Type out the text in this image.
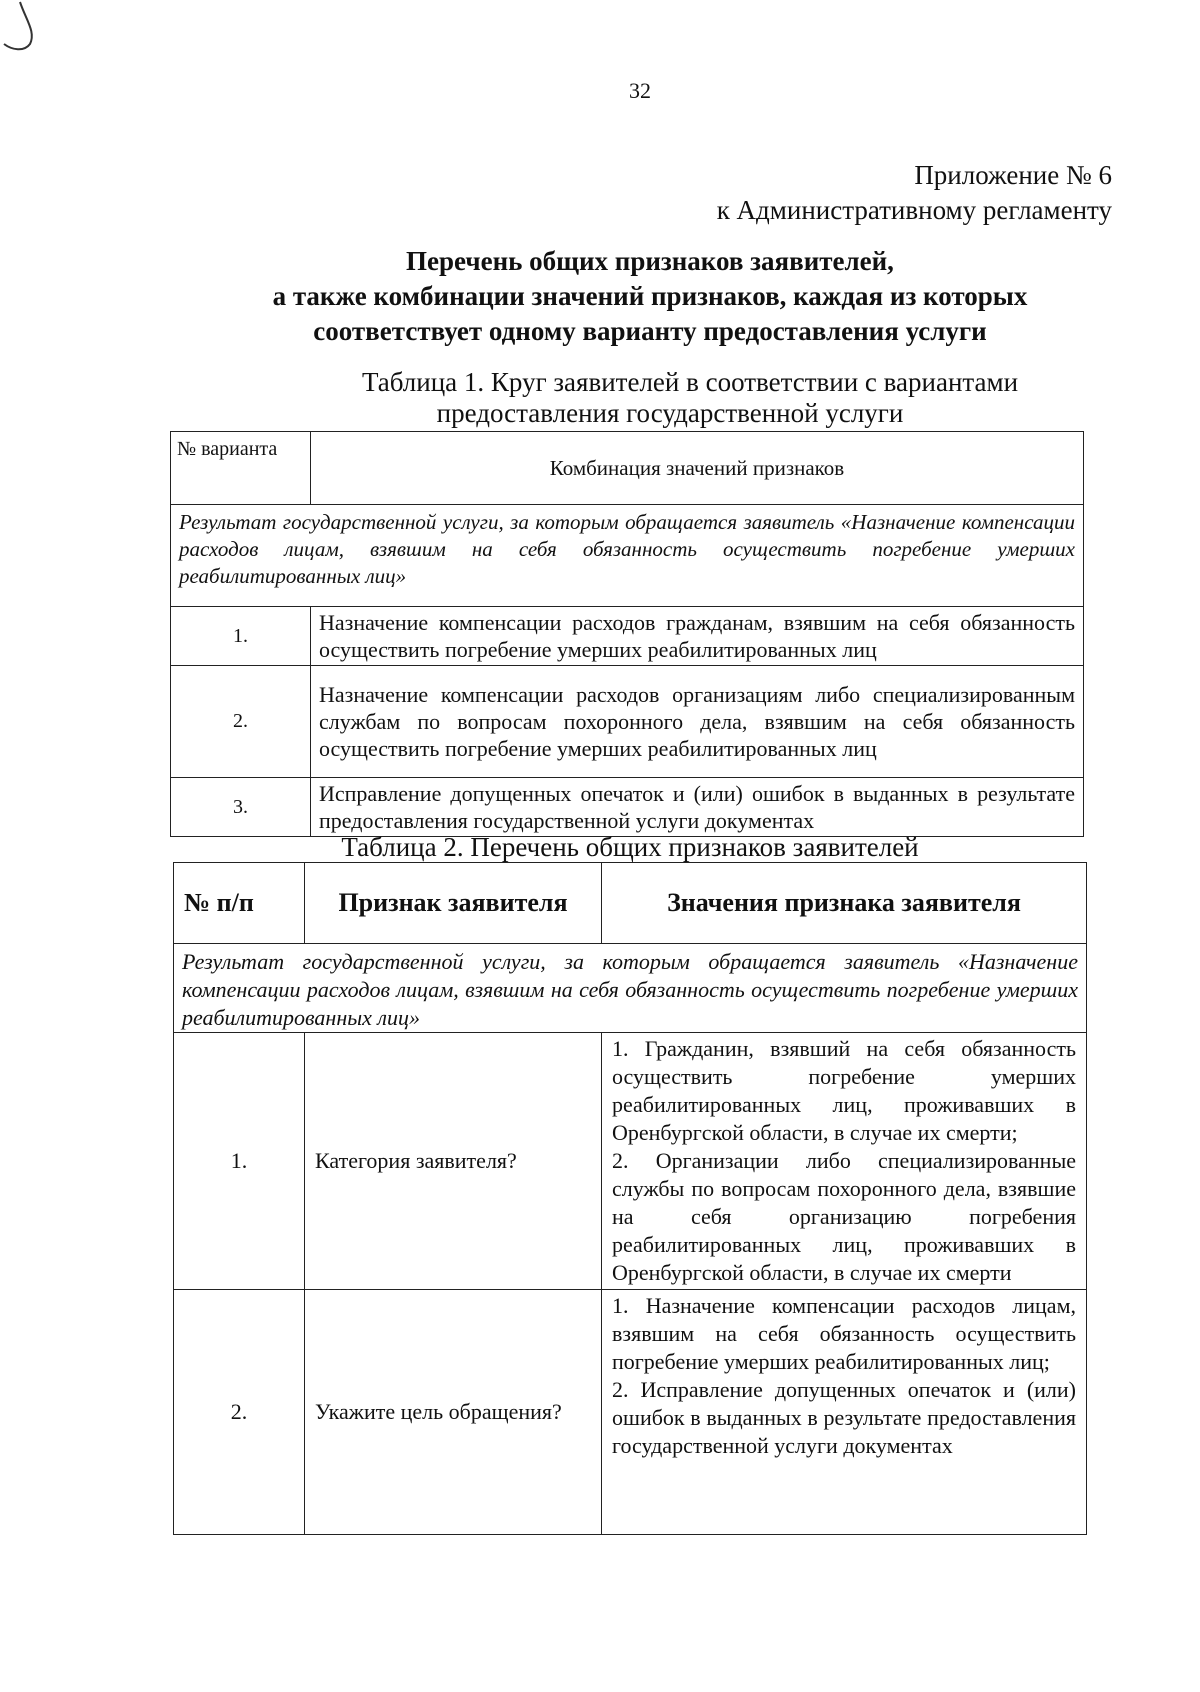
32
Приложение № 6
к Административному регламенту
Перечень общих признаков заявителей,
а также комбинации значений признаков, каждая из которых
соответствует одному варианту предоставления услуги
Таблица 1. Круг заявителей в соответствии с вариантами
предоставления государственной услуги
№ варианта	Комбинация значений признаков
Результат государственной услуги, за которым обращается заявитель «Назначение компенсации расходов лицам, взявшим на себя обязанность осуществить погребение умерших реабилитированных лиц»	
1.	Назначение компенсации расходов гражданам, взявшим на себя обязанность осуществить погребение умерших реабилитированных лиц
2.	Назначение компенсации расходов организациям либо специализированным службам по вопросам похоронного дела, взявшим на себя обязанность осуществить погребение умерших реабилитированных лиц
3.	Исправление допущенных опечаток и (или) ошибок в выданных в результате предоставления государственной услуги документах
Таблица 2. Перечень общих признаков заявителей
№ п/п	Признак заявителя	Значения признака заявителя
Результат государственной услуги, за которым обращается заявитель «Назначение компенсации расходов лицам, взявшим на себя обязанность осуществить погребение умерших реабилитированных лиц»		
1.	Категория заявителя?	1. Гражданин, взявший на себя обязанность осуществить погребение умерших реабилитированных лиц, проживавших в Оренбургской области, в случае их смерти;
2. Организации либо специализированные службы по вопросам похоронного дела, взявшие на себя организацию погребения реабилитированных лиц, проживавших в Оренбургской области, в случае их смерти

2.	Укажите цель обращения?	1. Назначение компенсации расходов лицам, взявшим на себя обязанность осуществить погребение умерших реабилитированных лиц;
2. Исправление допущенных опечаток и (или) ошибок в выданных в результате предоставления государственной услуги документах
